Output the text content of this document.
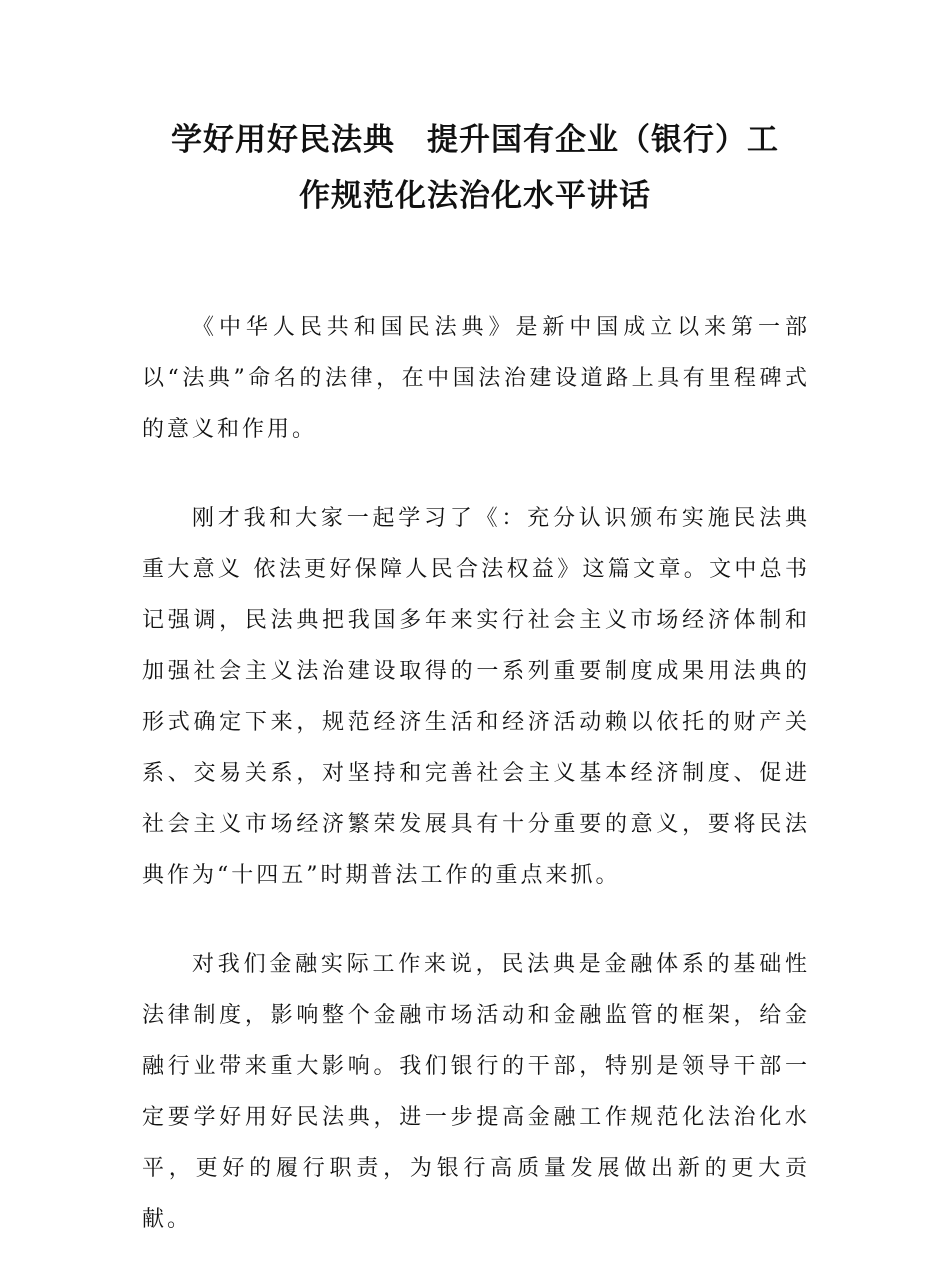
学好用好民法典　提升国有企业（银行）工
作规范化法治化水平讲话

《中华人民共和国民法典》是新中国成立以来第一部以“法典”命名的法律，在中国法治建设道路上具有里程碑式的意义和作用。

刚才我和大家一起学习了《：充分认识颁布实施民法典重大意义 依法更好保障人民合法权益》这篇文章。文中总书记强调，民法典把我国多年来实行社会主义市场经济体制和加强社会主义法治建设取得的一系列重要制度成果用法典的形式确定下来，规范经济生活和经济活动赖以依托的财产关系、交易关系，对坚持和完善社会主义基本经济制度、促进社会主义市场经济繁荣发展具有十分重要的意义，要将民法典作为“十四五”时期普法工作的重点来抓。

对我们金融实际工作来说，民法典是金融体系的基础性法律制度，影响整个金融市场活动和金融监管的框架，给金融行业带来重大影响。我们银行的干部，特别是领导干部一定要学好用好民法典，进一步提高金融工作规范化法治化水平，更好的履行职责，为银行高质量发展做出新的更大贡献。
